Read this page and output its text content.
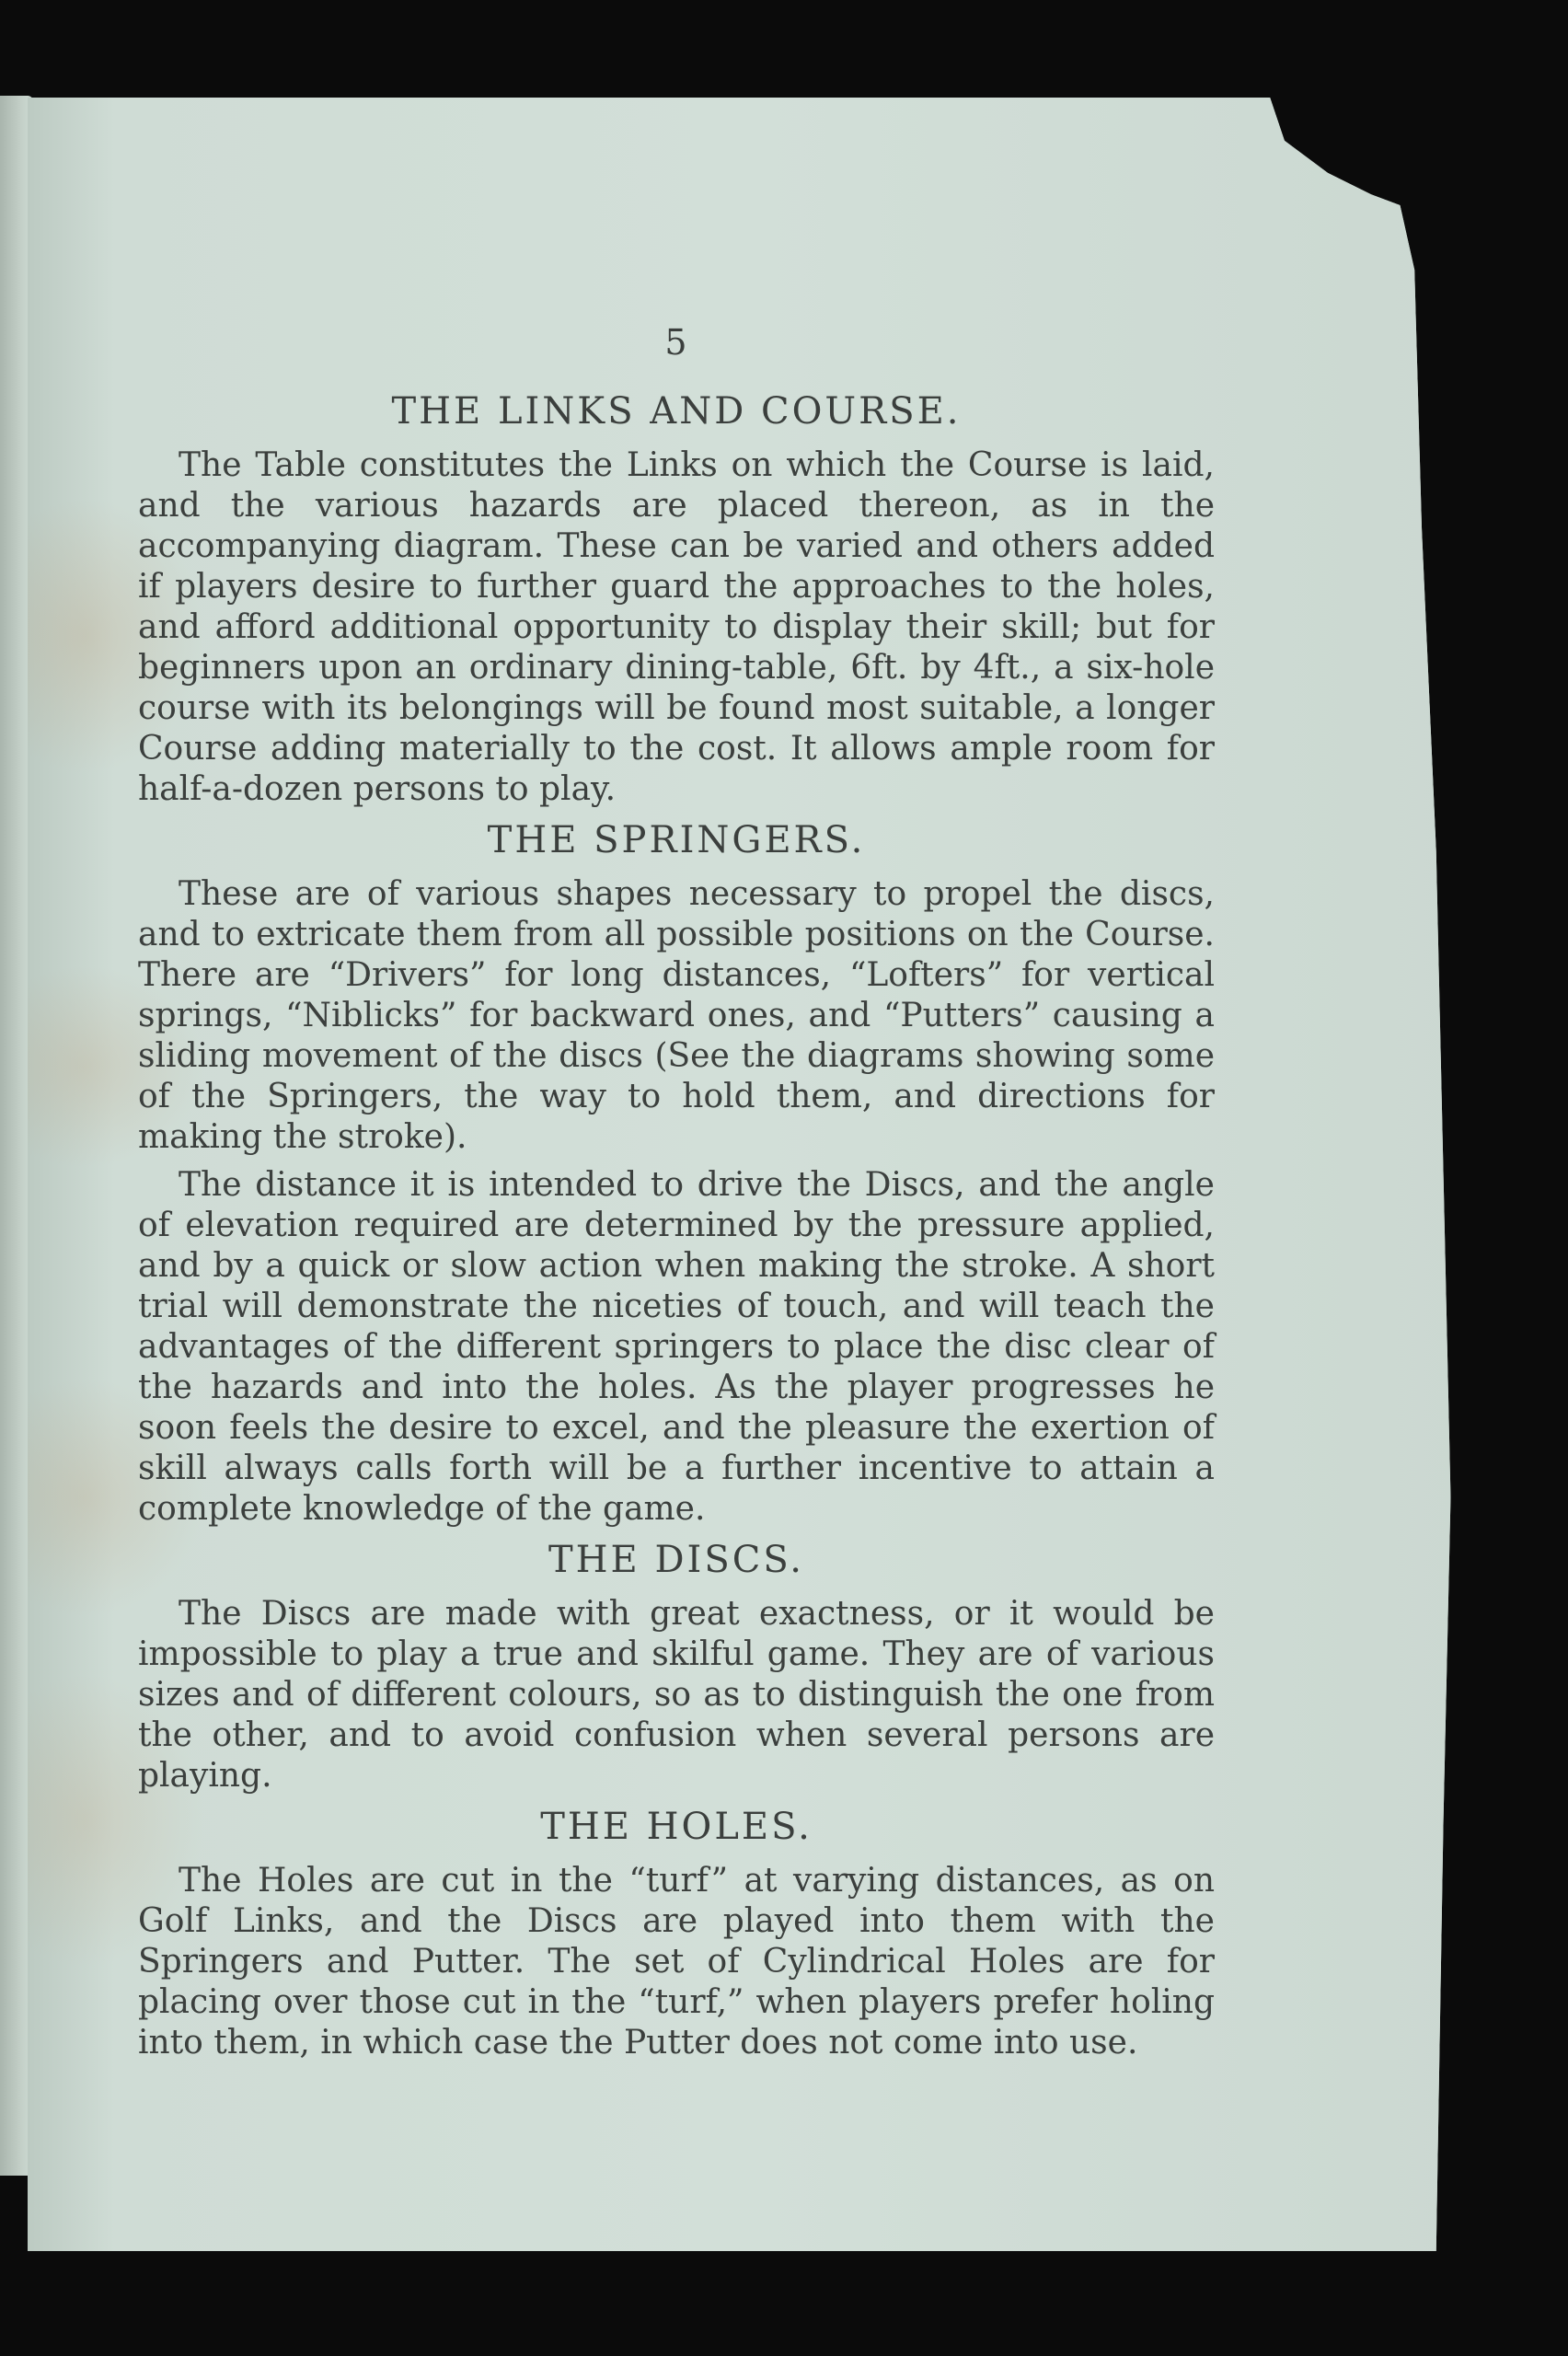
5
THE LINKS AND COURSE.

The Table constitutes the Links on which the Course is laid, and the various hazards are placed thereon, as in the accompanying diagram. These can be varied and others added if players desire to further guard the approaches to the holes, and afford additional opportunity to display their skill; but for beginners upon an ordinary dining-table, 6ft. by 4ft., a six-hole course with its belongings will be found most suitable, a longer Course adding materially to the cost. It allows ample room for half-a-dozen persons to play.

THE SPRINGERS.

These are of various shapes necessary to propel the discs, and to extricate them from all possible positions on the Course. There are “Drivers” for long distances, “Lofters” for vertical springs, “Niblicks” for backward ones, and “Putters” causing a sliding movement of the discs (See the diagrams showing some of the Springers, the way to hold them, and directions for making the stroke).

The distance it is intended to drive the Discs, and the angle of elevation required are determined by the pressure applied, and by a quick or slow action when making the stroke. A short trial will demonstrate the niceties of touch, and will teach the advantages of the different springers to place the disc clear of the hazards and into the holes. As the player progresses he soon feels the desire to excel, and the pleasure the exertion of skill always calls forth will be a further incentive to attain a complete knowledge of the game.

THE DISCS.

The Discs are made with great exactness, or it would be impossible to play a true and skilful game. They are of various sizes and of different colours, so as to distinguish the one from the other, and to avoid confusion when several persons are playing.

THE HOLES.

The Holes are cut in the “turf” at varying distances, as on Golf Links, and the Discs are played into them with the Springers and Putter. The set of Cylindrical Holes are for placing over those cut in the “turf,” when players prefer holing into them, in which case the Putter does not come into use.
